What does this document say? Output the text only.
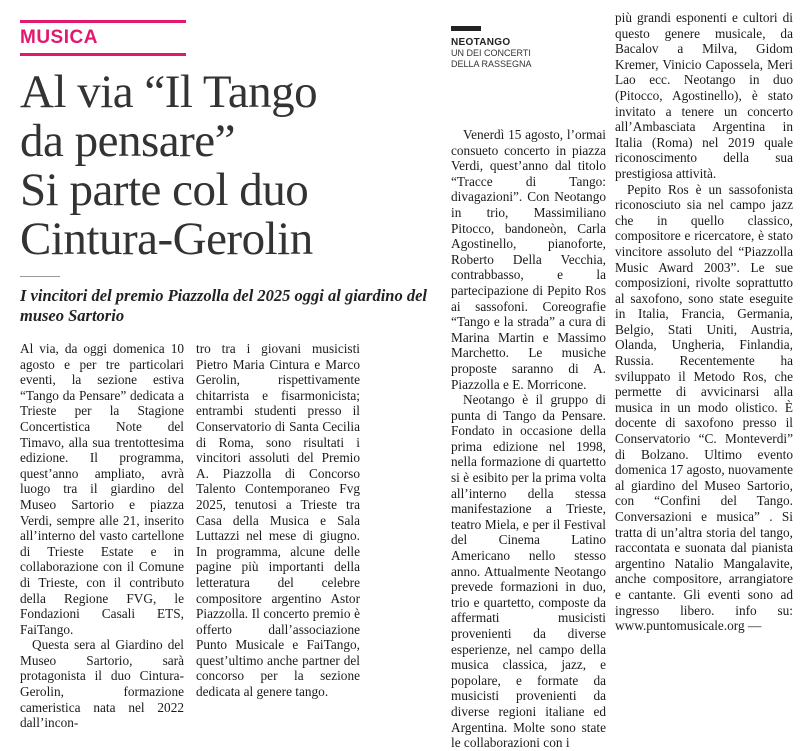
MUSICA
Al via “Il Tango
da pensare”
Si parte col duo
Cintura-Gerolin
I vincitori del premio Piazzolla del 2025 oggi al giardino del museo Sartorio
NEOTANGO
UN DEI CONCERTI DELLA RASSEGNA

Al via, da oggi domenica 10 agosto e per tre particolari eventi, la sezione estiva “Tango da Pensare” dedicata a Trieste per la Stagione Concertistica Note del Timavo, alla sua trentottesima edizione. Il programma, quest’anno ampliato, avrà luogo tra il giardino del Museo Sartorio e piazza Verdi, sempre alle 21, inserito all’interno del vasto cartellone di Trieste Estate e in collaborazione con il Comune di Trieste, con il contributo della Regione FVG, le Fondazioni Casali ETS, FaiTango.

Questa sera al Giardino del Museo Sartorio, sarà protagonista il duo Cintura-Gerolin, formazione cameristica nata nel 2022 dall’incon-

tro tra i giovani musicisti Pietro Maria Cintura e Marco Gerolin, rispettivamente chitarrista e fisarmonicista; entrambi studenti presso il Conservatorio di Santa Cecilia di Roma, sono risultati i vincitori assoluti del Premio A. Piazzolla di Concorso Talento Contemporaneo Fvg 2025, tenutosi a Trieste tra Casa della Musica e Sala Luttazzi nel mese di giugno. In programma, alcune delle pagine più importanti della letteratura del celebre compositore argentino Astor Piazzolla. Il concerto premio è offerto dall’associazione Punto Musicale e FaiTango, quest’ultimo anche partner del concorso per la sezione dedicata al genere tango.

Venerdì 15 agosto, l’ormai consueto concerto in piazza Verdi, quest’anno dal titolo “Tracce di Tango: divagazioni”. Con Neotango in trio, Massimiliano Pitocco, bandoneòn, Carla Agostinello, pianoforte, Roberto Della Vecchia, contrabbasso, e la partecipazione di Pepito Ros ai sassofoni. Coreografie “Tango e la strada” a cura di Marina Martin e Massimo Marchetto. Le musiche proposte saranno di A. Piazzolla e E. Morricone.

Neotango è il gruppo di punta di Tango da Pensare. Fondato in occasione della prima edizione nel 1998, nella formazione di quartetto si è esibito per la prima volta all’interno della stessa manifestazione a Trieste, teatro Miela, e per il Festival del Cinema Latino Americano nello stesso anno. Attualmente Neotango prevede formazioni in duo, trio e quartetto, composte da affermati musicisti provenienti da diverse esperienze, nel campo della musica classica, jazz, e popolare, e formate da musicisti provenienti da diverse regioni italiane ed Argentina. Molte sono state le collaborazioni con i

più grandi esponenti e cultori di questo genere musicale, da Bacalov a Milva, Gidom Kremer, Vinicio Capossela, Meri Lao ecc. Neotango in duo (Pitocco, Agostinello), è stato invitato a tenere un concerto all’Ambasciata Argentina in Italia (Roma) nel 2019 quale riconoscimento della sua prestigiosa attività.

Pepito Ros è un sassofonista riconosciuto sia nel campo jazz che in quello classico, compositore e ricercatore, è stato vincitore assoluto del “Piazzolla Music Award 2003”. Le sue composizioni, rivolte soprattutto al saxofono, sono state eseguite in Italia, Francia, Germania, Belgio, Stati Uniti, Austria, Olanda, Ungheria, Finlandia, Russia. Recentemente ha sviluppato il Metodo Ros, che permette di avvicinarsi alla musica in un modo olistico. È docente di saxofono presso il Conservatorio “C. Monteverdi” di Bolzano. Ultimo evento domenica 17 agosto, nuovamente al giardino del Museo Sartorio, con “Confini del Tango. Conversazioni e musica” . Si tratta di un’altra storia del tango, raccontata e suonata dal pianista argentino Natalio Mangalavite, anche compositore, arrangiatore e cantante. Gli eventi sono ad ingresso libero. info su: www.puntomusicale.org —
